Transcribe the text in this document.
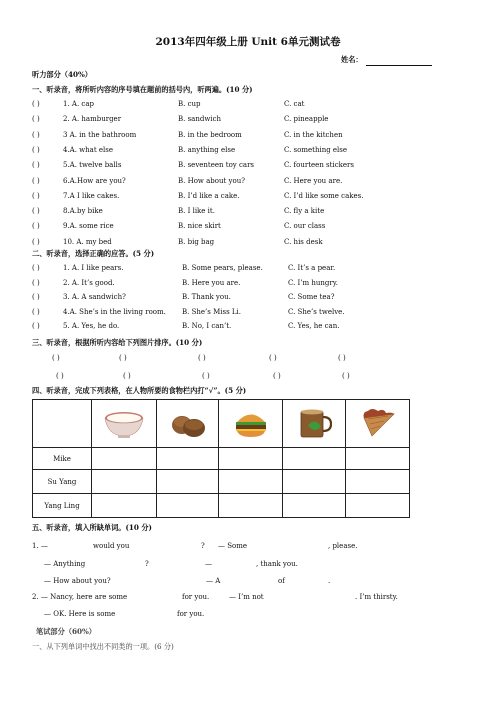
2013年四年级上册 Unit 6单元测试卷
姓名：
听力部分（40%）
一、听录音，将所听内容的序号填在题前的括号内，听两遍。(10 分)
( )	1. A. cap	B. cup	C. cat
( )	2. A. hamburger	B. sandwich	C. pineapple
( )	3 A. in the bathroom	B. in the bedroom	C. in the kitchen
( )	4.A. what else	B. anything else	C. something else
( )	5.A. twelve balls	B. seventeen toy cars	C. fourteen stickers
( )	6.A.How are you?	B. How about you?	C. Here you are.
( )	7.A I like cakes.	B. I’d like a cake.	C. I’d like some cakes.
( )	8.A.by bike	B. I like it.	C. fly a kite
( )	9.A. some rice	B. nice skirt	C. our class
( )	10. A. my bed	B. big bag	C. his desk
二、听录音，选择正确的应答。(5 分)
( )	1. A. I like pears.	B. Some pears, please.	C. It’s a pear.
( )	2. A. It’s good.	B. Here you are.	C. I’m hungry.
( )	3. A. A sandwich?	B. Thank you.	C. Some tea?
( )	4.A. She’s in the living room. B. She’s Miss Li.	C. She’s twelve.
( )	5. A. Yes, he do.	B. No, I can’t.	C. Yes, he can.
三、听录音，根据所听内容给下列图片排序。(10 分)
( )	( )	( )	( )	( )
( )	( )	( )	( )	( )
四、听录音，完成下列表格，在人物所要的食物栏内打“√”。(5 分)

Mike					
Su Yang					
Yang Ling					
五、听录音，填入所缺单词。(10 分)
1. —	would you	? — Some	, please.
— Anything	?	—	, thank you.
— How about you?	— A	of	.
2. — Nancy, here are some	for you.	— I’m not	. I’m thirsty.
— OK. Here is some	for you.
笔试部分（60%）
一、从下列单词中找出不同类的一项。(6 分)
